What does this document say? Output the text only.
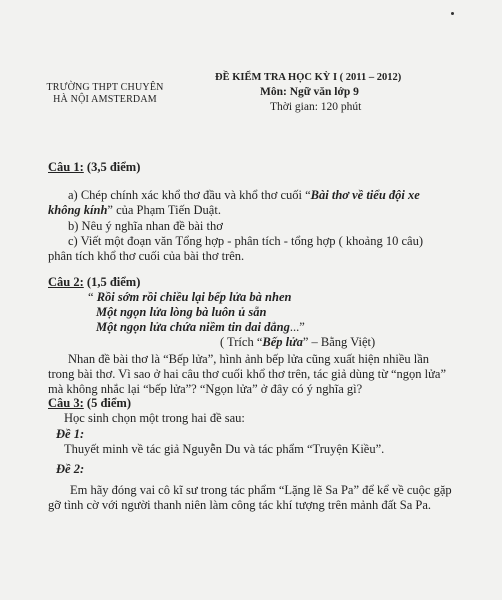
TRƯỜNG THPT CHUYÊN
HÀ NỘI AMSTERDAM
ĐỀ KIỂM TRA HỌC KỲ I ( 2011 – 2012)
Môn: Ngữ văn lớp 9
Thời gian: 120 phút
Câu 1: (3,5 điểm)
a) Chép chính xác khổ thơ đầu và khổ thơ cuối “Bài thơ về tiểu đội xe
không kính” của Phạm Tiến Duật.
b) Nêu ý nghĩa nhan đề bài thơ
c) Viết một đoạn văn Tổng hợp - phân tích - tổng hợp ( khoảng 10 câu)
phân tích khổ thơ cuối của bài thơ trên.
Câu 2: (1,5 điểm)
“ Rồi sớm rồi chiều lại bếp lửa bà nhen
Một ngọn lửa lòng bà luôn ủ sẵn
Một ngọn lửa chứa niềm tin dai dẳng...”
( Trích “Bếp lửa” – Bằng Việt)
Nhan đề bài thơ là “Bếp lửa”, hình ảnh bếp lửa cũng xuất hiện nhiều lần
trong bài thơ. Vì sao ở hai câu thơ cuối khổ thơ trên, tác giả dùng từ “ngọn lửa”
mà không nhắc lại “bếp lửa”? “Ngọn lửa” ở đây có ý nghĩa gì?
Câu 3: (5 điểm)
Học sinh chọn một trong hai đề sau:
Đề 1:
Thuyết minh về tác giả Nguyễn Du và tác phẩm “Truyện Kiều”.
Đề 2:
Em hãy đóng vai cô kĩ sư trong tác phẩm “Lặng lẽ Sa Pa” để kể về cuộc gặp
gỡ tình cờ với người thanh niên làm công tác khí tượng trên mảnh đất Sa Pa.
